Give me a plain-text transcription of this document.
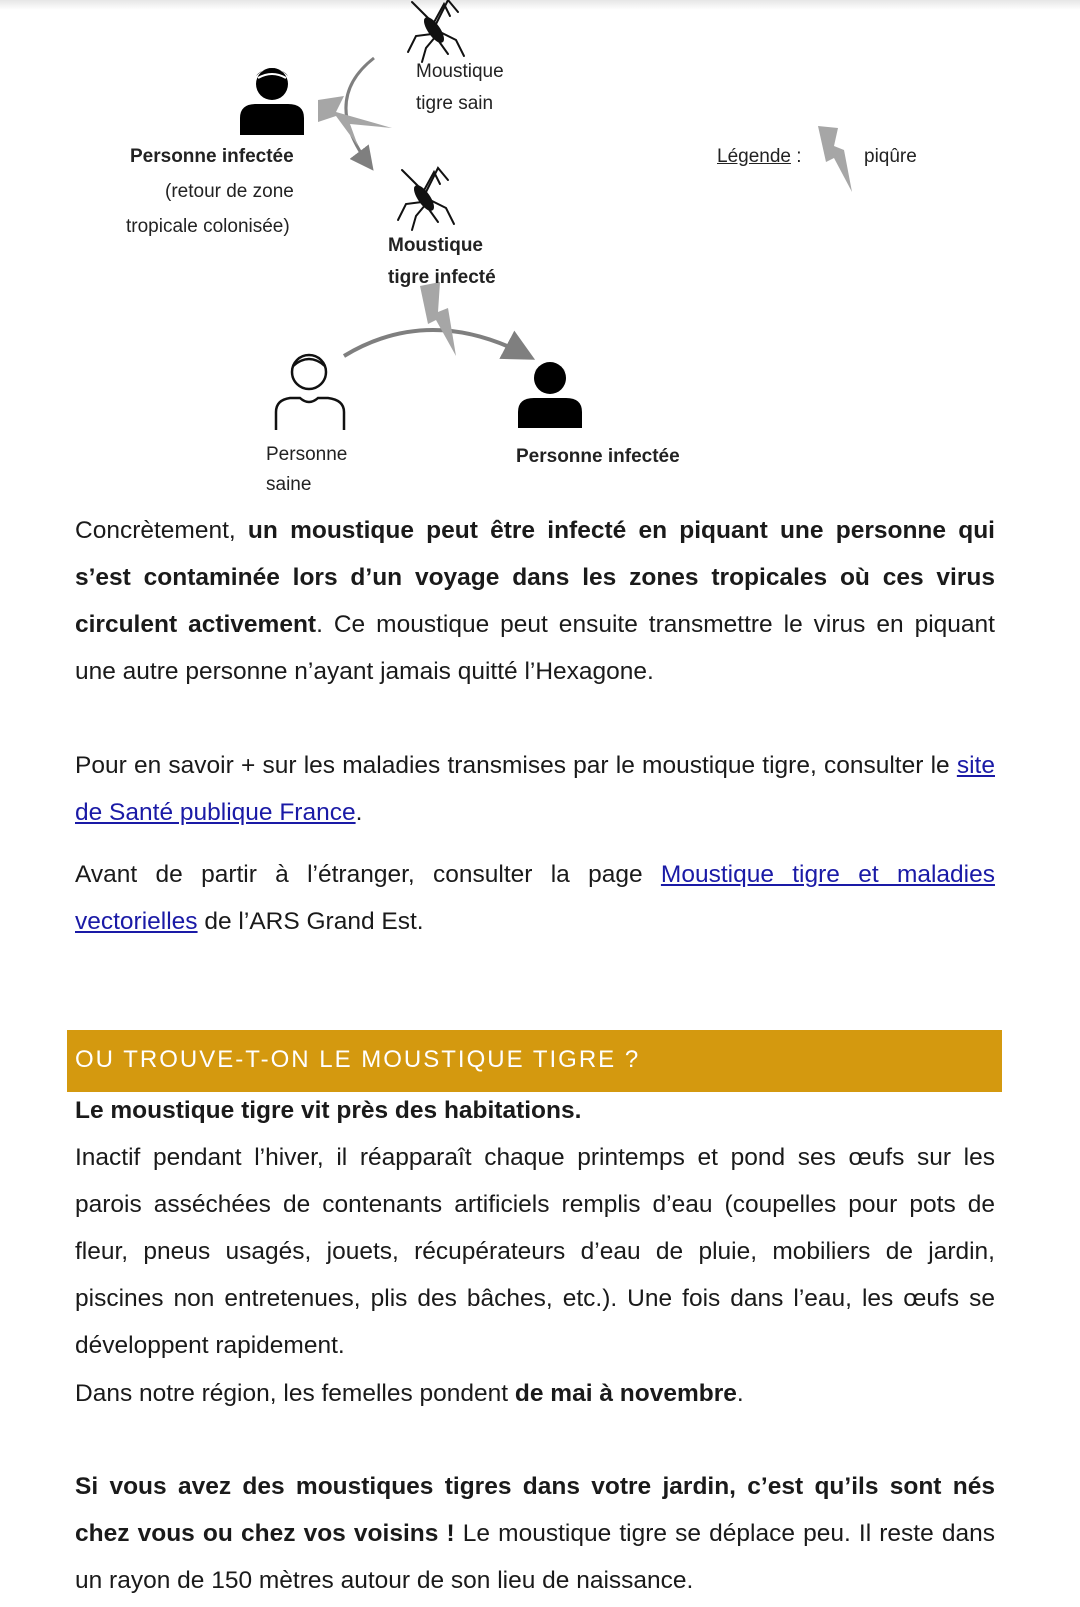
Moustique tigre sain
Personne infectée
(retour de zone
tropicale colonisée)
Moustique tigre infecté
Personne saine
Personne infectée
Légende :	piqûre
Concrètement, un moustique peut être infecté en piquant une personne qui s’est contaminée lors d’un voyage dans les zones tropicales où ces virus circulent activement. Ce moustique peut ensuite transmettre le virus en piquant une autre personne n’ayant jamais quitté l’Hexagone.
Pour en savoir + sur les maladies transmises par le moustique tigre, consulter le site de Santé publique France.
Avant de partir à l’étranger, consulter la page Moustique tigre et maladies vectorielles de l’ARS Grand Est.
OU TROUVE-T-ON LE MOUSTIQUE TIGRE ?
Le moustique tigre vit près des habitations.
Inactif pendant l’hiver, il réapparaît chaque printemps et pond ses œufs sur les parois asséchées de contenants artificiels remplis d’eau (coupelles pour pots de fleur, pneus usagés, jouets, récupérateurs d’eau de pluie, mobiliers de jardin, piscines non entretenues, plis des bâches, etc.). Une fois dans l’eau, les œufs se développent rapidement.
Dans notre région, les femelles pondent de mai à novembre.
Si vous avez des moustiques tigres dans votre jardin, c’est qu’ils sont nés chez vous ou chez vos voisins ! Le moustique tigre se déplace peu. Il reste dans un rayon de 150 mètres autour de son lieu de naissance.
